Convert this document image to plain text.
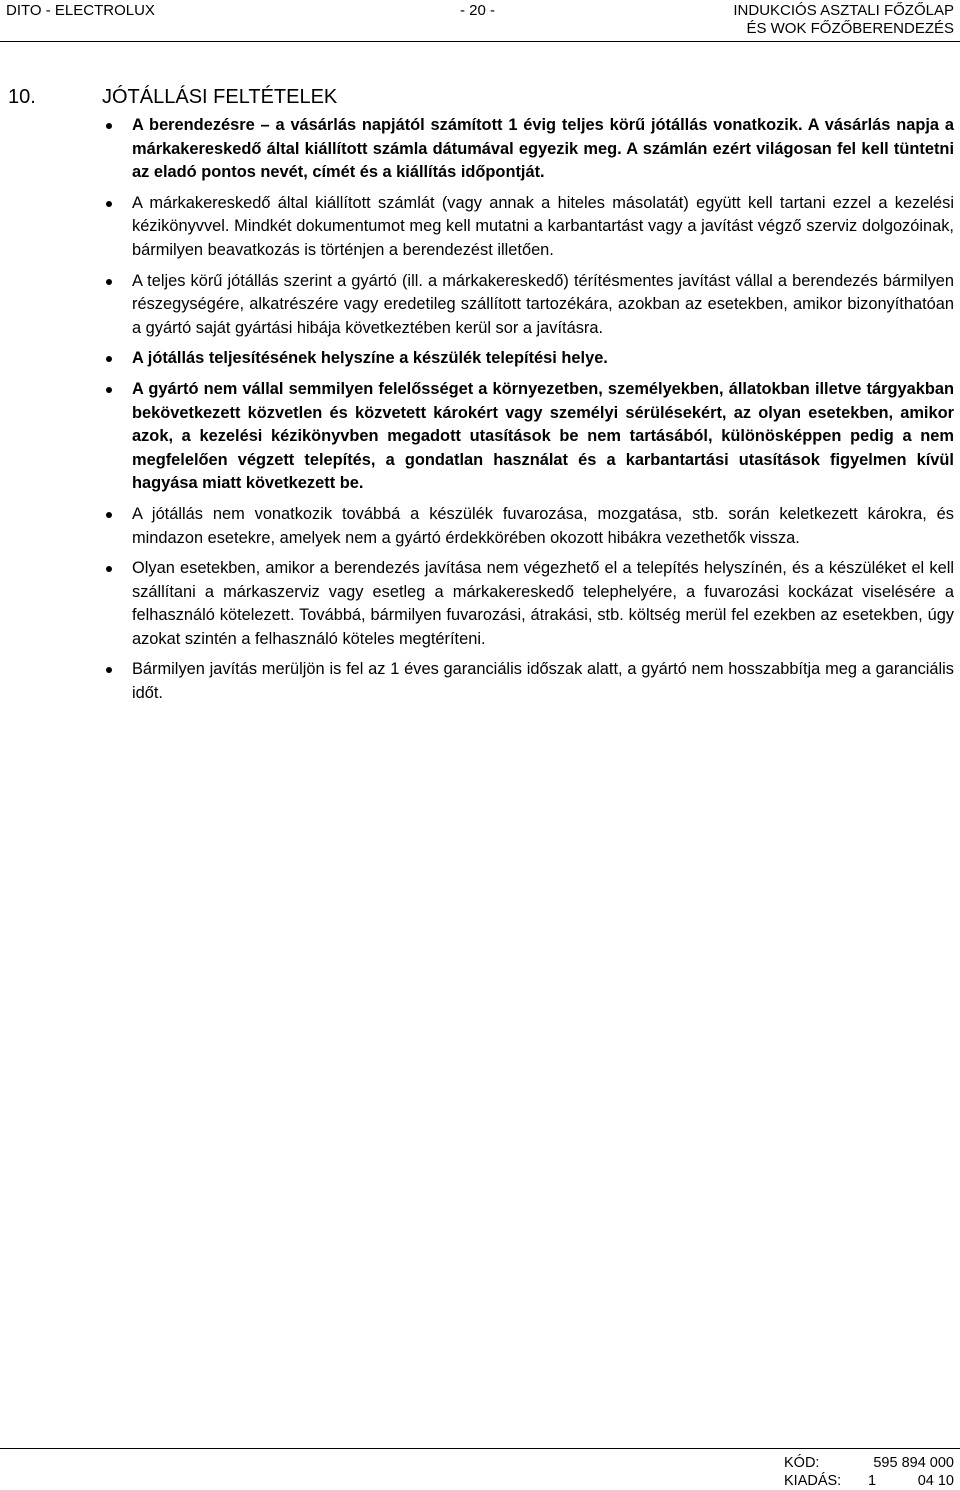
DITO - ELECTROLUX	- 20 -	INDUKCIÓS ASZTALI FŐZŐLAP
ÉS WOK FŐZŐBERENDEZÉS
10.	JÓTÁLLÁSI FELTÉTELEK
A berendezésre – a vásárlás napjától számított 1 évig teljes körű jótállás vonatkozik. A vásárlás napja a márkakereskedő által kiállított számla dátumával egyezik meg. A számlán ezért világosan fel kell tüntetni az eladó pontos nevét, címét és a kiállítás időpontját.
A márkakereskedő által kiállított számlát (vagy annak a hiteles másolatát) együtt kell tartani ezzel a kezelési kézikönyvvel. Mindkét dokumentumot meg kell mutatni a karbantartást vagy a javítást végző szerviz dolgozóinak, bármilyen beavatkozás is történjen a berendezést illetően.
A teljes körű jótállás szerint a gyártó (ill. a márkakereskedő) térítésmentes javítást vállal a berendezés bármilyen részegységére, alkatrészére vagy eredetileg szállított tartozékára, azokban az esetekben, amikor bizonyíthatóan a gyártó saját gyártási hibája következtében kerül sor a javításra.
A jótállás teljesítésének helyszíne a készülék telepítési helye.
A gyártó nem vállal semmilyen felelősséget a környezetben, személyekben, állatokban illetve tárgyakban bekövetkezett közvetlen és közvetett károkért vagy személyi sérülésekért, az olyan esetekben, amikor azok, a kezelési kézikönyvben megadott utasítások be nem tartásából, különösképpen pedig a nem megfelelően végzett telepítés, a gondatlan használat és a karbantartási utasítások figyelmen kívül hagyása miatt következett be.
A jótállás nem vonatkozik továbbá a készülék fuvarozása, mozgatása, stb. során keletkezett károkra, és mindazon esetekre, amelyek nem a gyártó érdekkörében okozott hibákra vezethetők vissza.
Olyan esetekben, amikor a berendezés javítása nem végezhető el a telepítés helyszínén, és a készüléket el kell szállítani a márkaszerviz vagy esetleg a márkakereskedő telephelyére, a fuvarozási kockázat viselésére a felhasználó kötelezett. Továbbá, bármilyen fuvarozási, átrakási, stb. költség merül fel ezekben az esetekben, úgy azokat szintén a felhasználó köteles megtéríteni.
Bármilyen javítás merüljön is fel az 1 éves garanciális időszak alatt, a gyártó nem hosszabbítja meg a garanciális időt.
KÓD:	595 894 000
KIADÁS:	1	04 10
